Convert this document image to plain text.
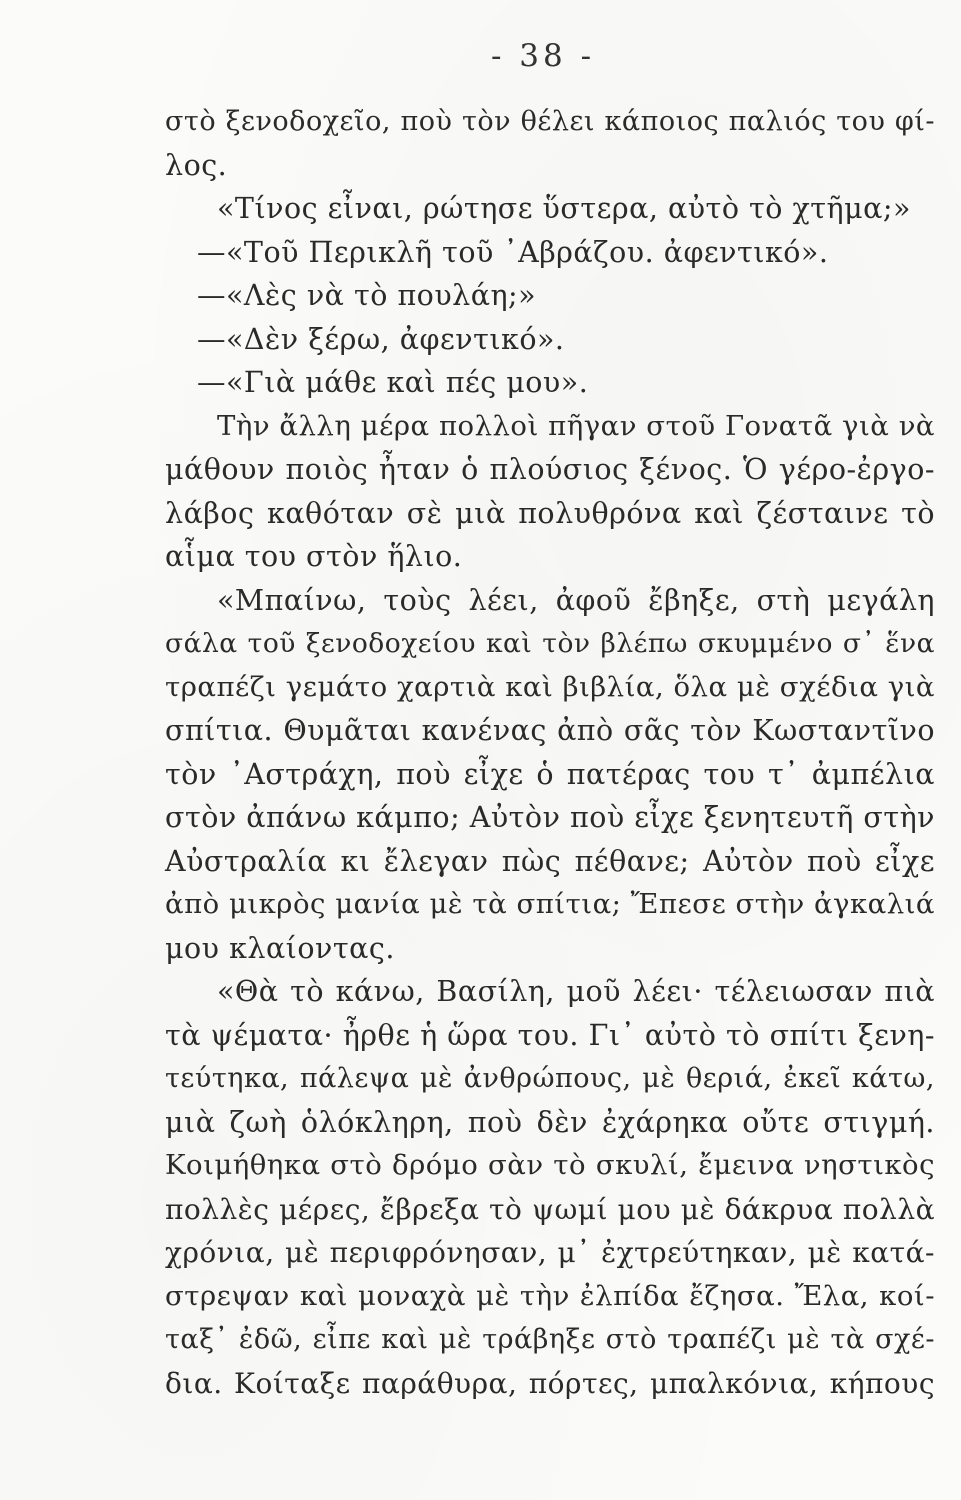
- 38 -
στὸ ξενοδοχεῖο, ποὺ τὸν θέλει κάποιος παλιός του φί-
λος.
«Τίνος εἶναι, ρώτησε ὕστερα, αὐτὸ τὸ χτῆμα;»
—«Τοῦ Περικλῆ τοῦ ᾿Αβράζου. ἀφεντικό».
—«Λὲς νὰ τὸ πουλάη;»
—«Δὲν ξέρω, ἀφεντικό».
—«Γιὰ μάθε καὶ πές μου».
Τὴν ἄλλη μέρα πολλοὶ πῆγαν στοῦ Γονατᾶ γιὰ νὰ
μάθουν ποιὸς ἦταν ὁ πλούσιος ξένος. Ὁ γέρο-ἐργο-
λάβος καθόταν σὲ μιὰ πολυθρόνα καὶ ζέσταινε τὸ
αἷμα του στὸν ἥλιο.
«Μπαίνω, τοὺς λέει, ἀφοῦ ἔβηξε, στὴ μεγάλη
σάλα τοῦ ξενοδοχείου καὶ τὸν βλέπω σκυμμένο σ᾿ ἕνα
τραπέζι γεμάτο χαρτιὰ καὶ βιβλία, ὅλα μὲ σχέδια γιὰ
σπίτια. Θυμᾶται κανένας ἀπὸ σᾶς τὸν Κωσταντῖνο
τὸν ᾿Αστράχη, ποὺ εἶχε ὁ πατέρας του τ᾿ ἀμπέλια
στὸν ἀπάνω κάμπο; Αὐτὸν ποὺ εἶχε ξενητευτῆ στὴν
Αὐστραλία κι ἔλεγαν πὼς πέθανε; Αὐτὸν ποὺ εἶχε
ἀπὸ μικρὸς μανία μὲ τὰ σπίτια; Ἔπεσε στὴν ἀγκαλιά
μου κλαίοντας.
«Θὰ τὸ κάνω, Βασίλη, μοῦ λέει· τέλειωσαν πιὰ
τὰ ψέματα· ἦρθε ἡ ὥρα του. Γι᾿ αὐτὸ τὸ σπίτι ξενη-
τεύτηκα, πάλεψα μὲ ἀνθρώπους, μὲ θεριά, ἐκεῖ κάτω,
μιὰ ζωὴ ὁλόκληρη, ποὺ δὲν ἐχάρηκα οὔτε στιγμή.
Κοιμήθηκα στὸ δρόμο σὰν τὸ σκυλί, ἔμεινα νηστικὸς
πολλὲς μέρες, ἔβρεξα τὸ ψωμί μου μὲ δάκρυα πολλὰ
χρόνια, μὲ περιφρόνησαν, μ᾿ ἐχτρεύτηκαν, μὲ κατά-
στρεψαν καὶ μοναχὰ μὲ τὴν ἐλπίδα ἔζησα. Ἔλα, κοί-
ταξ᾿ ἐδῶ, εἶπε καὶ μὲ τράβηξε στὸ τραπέζι μὲ τὰ σχέ-
δια. Κοίταξε παράθυρα, πόρτες, μπαλκόνια, κήπους
